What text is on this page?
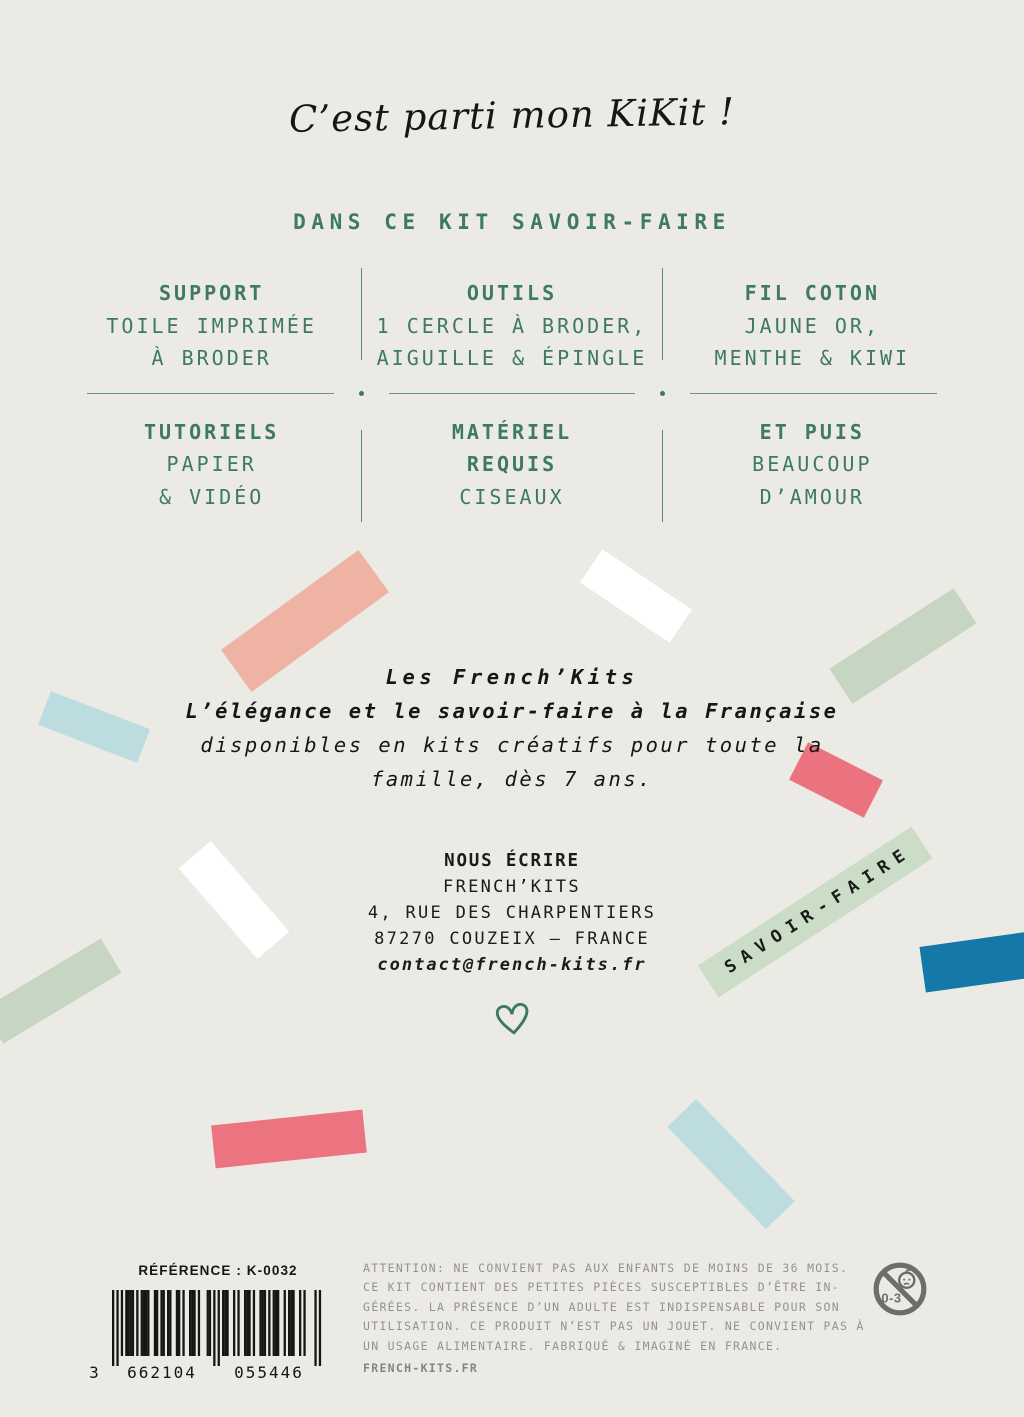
C’est parti mon KiKit !
DANS CE KIT SAVOIR-FAIRE
SUPPORT
TOILE IMPRIMÉE
À BRODER
OUTILS
1 CERCLE À BRODER,
AIGUILLE & ÉPINGLE
FIL COTON
JAUNE OR,
MENTHE & KIWI
TUTORIELS
PAPIER
& VIDÉO
MATÉRIEL
REQUIS
CISEAUX
ET PUIS
BEAUCOUP
D’AMOUR
Les French’Kits
L’élégance et le savoir-faire à la Française
disponibles en kits créatifs pour toute la
famille, dès 7 ans.
NOUS ÉCRIRE
FRENCH’KITS
4, RUE DES CHARPENTIERS
87270 COUZEIX — FRANCE
contact@french-kits.fr	SAVOIR-FAIRE
RÉFÉRENCE : K-0032
3 662104 055446
ATTENTION: NE CONVIENT PAS AUX ENFANTS DE MOINS DE 36 MOIS.
CE KIT CONTIENT DES PETITES PIÈCES SUSCEPTIBLES D’ÊTRE IN-
GÉRÉES. LA PRÉSENCE D’UN ADULTE EST INDISPENSABLE POUR SON
UTILISATION. CE PRODUIT N’EST PAS UN JOUET. NE CONVIENT PAS À
UN USAGE ALIMENTAIRE. FABRIQUÉ & IMAGINÉ EN FRANCE.
FRENCH-KITS.FR
0-3
